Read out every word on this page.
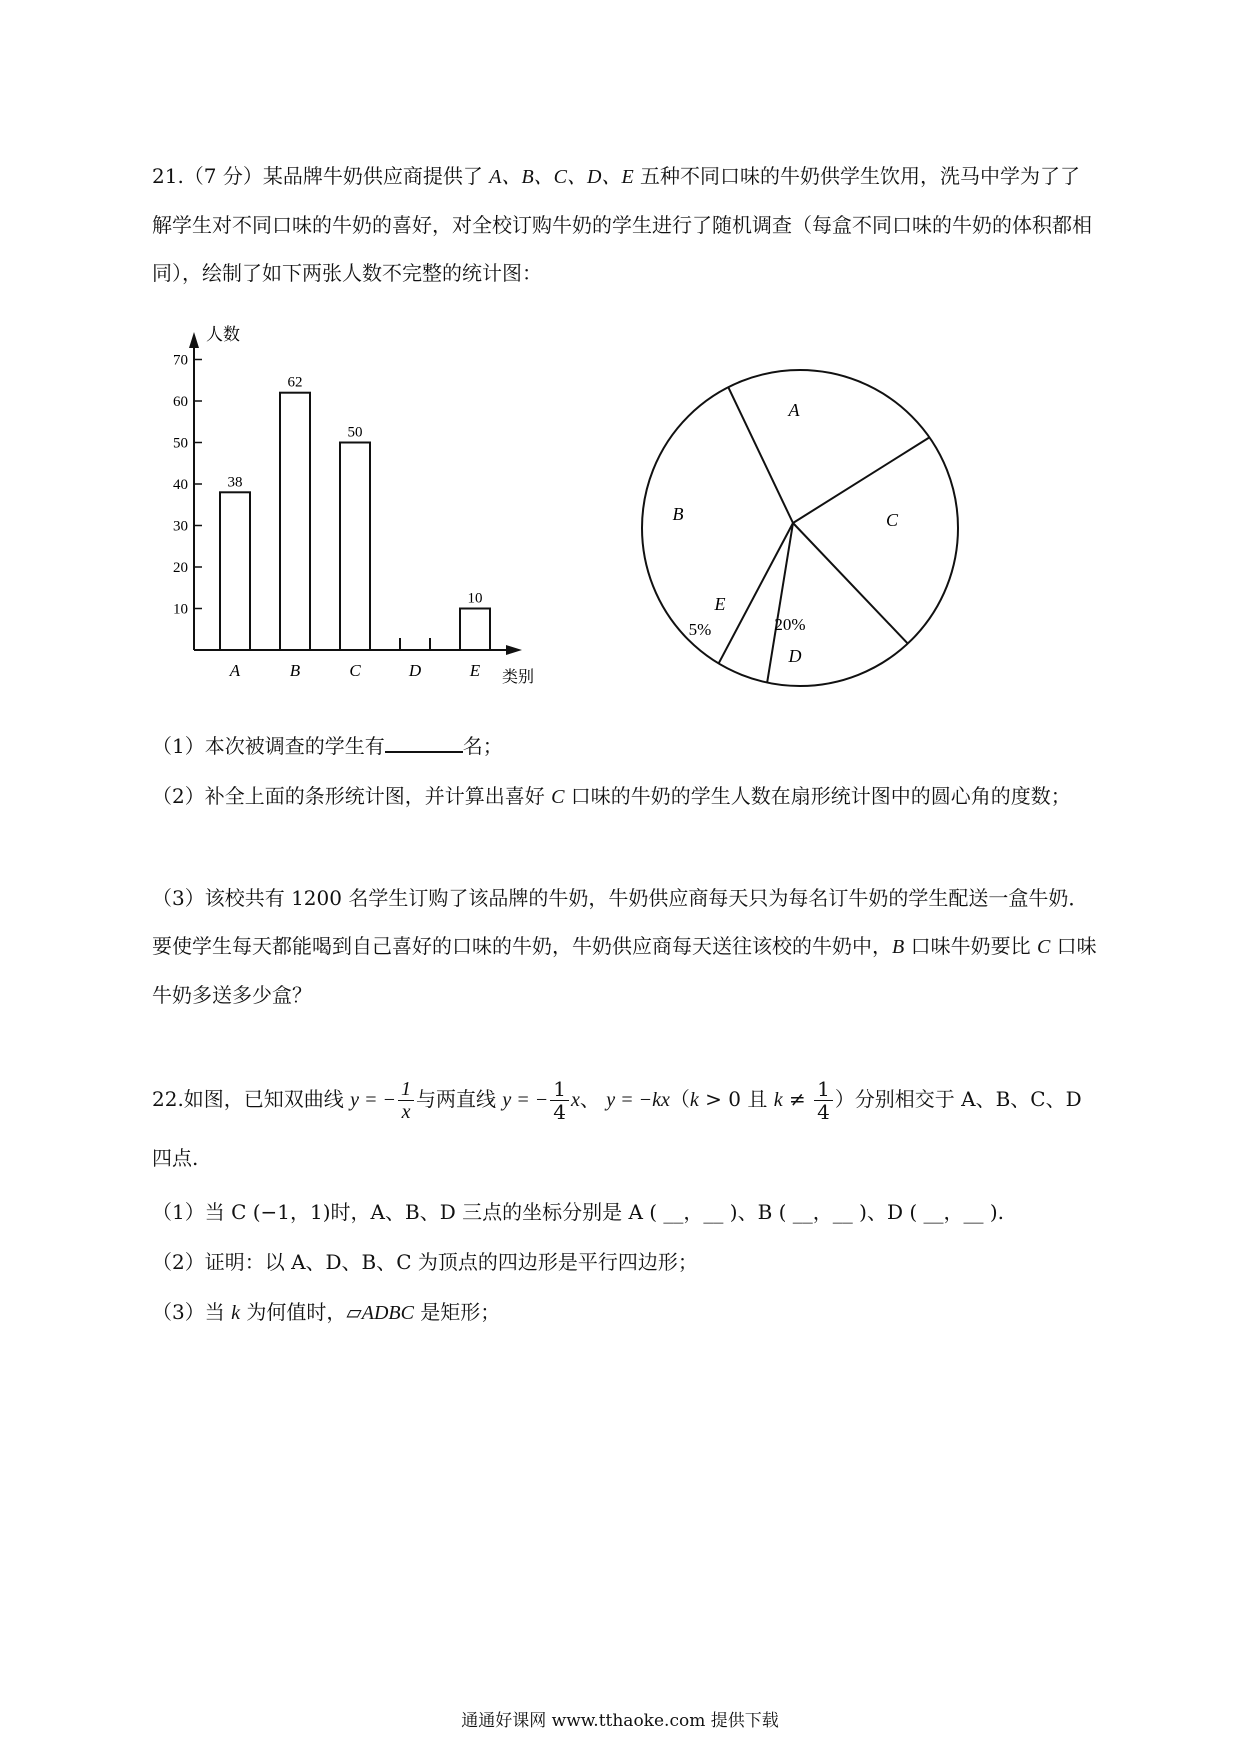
21.（7 分）某品牌牛奶供应商提供了 A、B、C、D、E 五种不同口味的牛奶供学生饮用，洗马中学为了了解学生对不同口味的牛奶的喜好，对全校订购牛奶的学生进行了随机调查（每盒不同口味的牛奶的体积都相同），绘制了如下两张人数不完整的统计图：
人数
类别
10
20
30
40
50
60
70
38
A
62
B
50
C	D
10
E
A
B	C
D
E
20%
5%
（1）本次被调查的学生有	名；
（2）补全上面的条形统计图，并计算出喜好 C 口味的牛奶的学生人数在扇形统计图中的圆心角的度数；
（3）该校共有 1200 名学生订购了该品牌的牛奶，牛奶供应商每天只为每名订牛奶的学生配送一盒牛奶．要使学生每天都能喝到自己喜好的口味的牛奶，牛奶供应商每天送往该校的牛奶中，B 口味牛奶要比 C 口味牛奶多送多少盒？
22.如图，已知双曲线 y = − $\frac{1}{x}$ 与两直线 y = − $\frac{1}{4}$ x、 y = −kx（k > 0 且 $k \ne \frac{1}{4}$ ）分别相交于 A、B、C、D 四点.
（1）当 C (−1，1)时，A、B、D 三点的坐标分别是 A ( __，__ )、B ( __，__ )、D ( __，__ ).
（2）证明：以 A、D、B、C 为顶点的四边形是平行四边形；
（3）当 k 为何值时，▱ADBC 是矩形；
通通好课网 www.tthaoke.com 提供下载
